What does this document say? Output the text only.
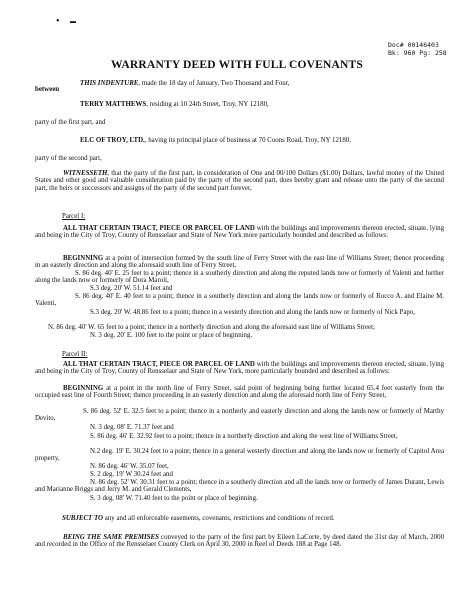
• ▬
Doc# 00146403
Bk: 960 Pg: 258
WARRANTY DEED WITH FULL COVENANTS
THIS INDENTURE, made the 18 day of January, Two Thousand and Four,
between
TERRY MATTHEWS, residing at 10 24th Street, Troy, NY 12180,
party of the first part, and
ELC OF TROY, LTD., having its principal place of business at 70 Coons Road, Troy, NY 12180,
party of the second part,
WITNESSETH, that the party of the first part, in consideration of One and 00/100 Dollars ($1.00) Dollars, lawful money of the United States and other good and valuable consideration paid by the party of the second part, does hereby grant and release unto the party of the second part, the heirs or successors and assigns of the party of the second part forever,
Parcel I:
ALL THAT CERTAIN TRACT, PIECE OR PARCEL OF LAND with the buildings and improvements thereon erected, situate, lying and being in the City of Troy, County of Rensselaer and State of New York more particularly bounded and described as follows:
BEGINNING at a point of intersection formed by the south line of Ferry Street with the east line of Williams Street; thence proceeding in an easterly direction and along the aforesaid south line of Ferry Street,
S. 86 deg. 40' E. 25 feet to a point; thence in a southerly direction and along the reputed lands now or formerly of Valenti and further along the lands now or formerly of Dora Maroli,
S.3 deg. 20' W. 51.14 feet and
S. 86 deg. 40' E. 40 feet to a point; thence in a southerly direction and along the lands now or formerly of Rocco A. and Elaine M. Valenti,
S.3 deg. 20' W. 48.86 feet to a point; thence in a westerly direction and along the lands now or formerly of Nick Papo,
N. 86 deg. 40' W. 65 feet to a point; thence in a northerly direction and along the aforesaid east line of Williams Street;
N. 3 deg. 20' E. 100 feet to the point or place of beginning.
Parcel II:
ALL THAT CERTAIN TRACT, PIECE OR PARCEL OF LAND with the buildings and improvements thereon erected, situate, lying and being in the City of Troy, County of Rensselaer and State of New York, more particularly bounded and described as follows:
BEGINNING at a point in the north line of Ferry Street, said point of beginning being further located 65.4 feet easterly from the occupied east line of Fourth Street; thence proceeding in an easterly direction and along the aforesaid north line of Ferry Street,
S. 86 deg. 52' E. 32.5 feet to a point; thence in a northerly and easterly direction and along the lands now or formerly of Marthy Devito,
N. 3 deg. 08' E. 71.37 feet and
S. 86 deg. 46' E. 32.92 feet to a point; thence in a northerly direction and along the west line of Williams Street,
N.2 deg. 19' E. 30.24 feet to a point; thence in a general westerly direction and along the lands now or formerly of Capitol Area property,
N. 86 deg. 46' W. 35.07 feet,
S. 2 deg. 19' W 30.24 feet and
N. 86 deg. 52' W. 30.31 feet to a point; thence in a southerly direction and all the lands now or formerly of James Durant, Lewis and Marianne Briggs and Jerry M. and Gerald Clements,
S. 3 deg. 08' W. 71.40 feet to the point or place of beginning.
SUBJECT TO any and all enforceable easements, covenants, restrictions and conditions of record.
BEING THE SAME PREMISES conveyed to the party of the first part by Eileen LaCorte, by deed dated the 31st day of March, 2000 and recorded in the Office of the Rensselaer County Clerk on April 30, 2000 in Reel of Deeds 188 at Page 148.
